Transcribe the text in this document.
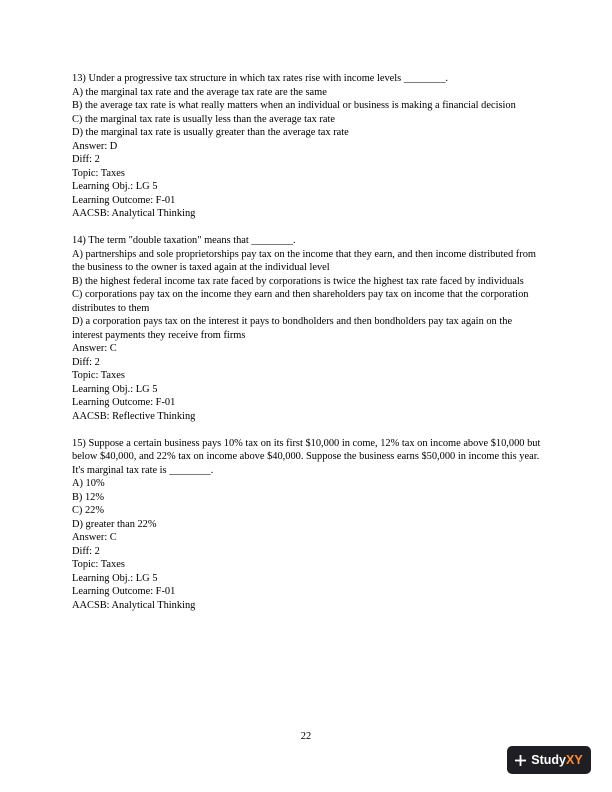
13) Under a progressive tax structure in which tax rates rise with income levels ________.

A) the marginal tax rate and the average tax rate are the same

B) the average tax rate is what really matters when an individual or business is making a financial decision

C) the marginal tax rate is usually less than the average tax rate

D) the marginal tax rate is usually greater than the average tax rate

Answer: D

Diff: 2

Topic: Taxes

Learning Obj.: LG 5

Learning Outcome: F-01

AACSB: Analytical Thinking

14) The term "double taxation" means that ________.

A) partnerships and sole proprietorships pay tax on the income that they earn, and then income distributed from the business to the owner is taxed again at the individual level

B) the highest federal income tax rate faced by corporations is twice the highest tax rate faced by individuals

C) corporations pay tax on the income they earn and then shareholders pay tax on income that the corporation distributes to them

D) a corporation pays tax on the interest it pays to bondholders and then bondholders pay tax again on the interest payments they receive from firms

Answer: C

Diff: 2

Topic: Taxes

Learning Obj.: LG 5

Learning Outcome: F-01

AACSB: Reflective Thinking

15) Suppose a certain business pays 10% tax on its first $10,000 in come, 12% tax on income above $10,000 but below $40,000, and 22% tax on income above $40,000. Suppose the business earns $50,000 in income this year. It's marginal tax rate is ________.

A) 10%

B) 12%

C) 22%

D) greater than 22%

Answer: C

Diff: 2

Topic: Taxes

Learning Obj.: LG 5

Learning Outcome: F-01

AACSB: Analytical Thinking

22
StudyXY
